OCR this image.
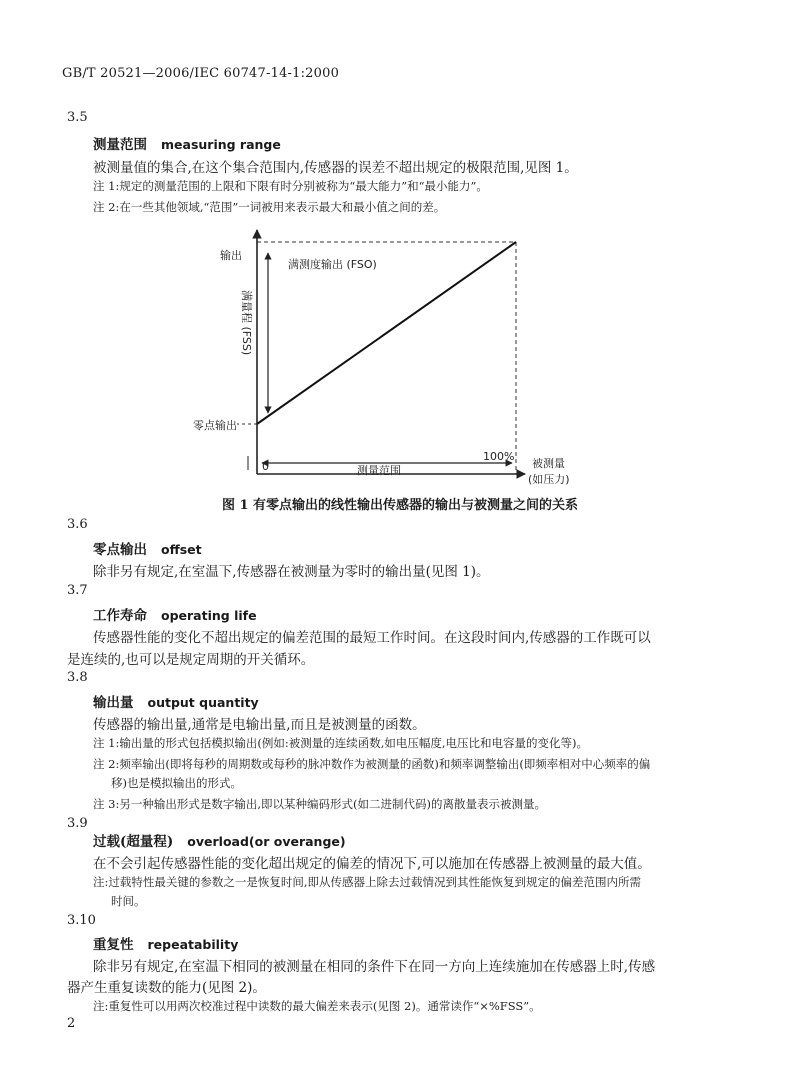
GB/T 20521—2006/IEC 60747-14-1:2000
3.5
测量范围 measuring range
被测量值的集合,在这个集合范围内,传感器的误差不超出规定的极限范围,见图 1。
注 1:规定的测量范围的上限和下限有时分别被称为“最大能力”和“最小能力”。
注 2:在一些其他领域,“范围”一词被用来表示最大和最小值之间的差。
输出
满测度输出 (FSO)
满量程 (FSS)
零点输出
0	测量范围
100%
被测量
(如压力)
图 1 有零点输出的线性输出传感器的输出与被测量之间的关系
3.6
零点输出 offset
除非另有规定,在室温下,传感器在被测量为零时的输出量(见图 1)。
3.7
工作寿命 operating life
传感器性能的变化不超出规定的偏差范围的最短工作时间。在这段时间内,传感器的工作既可以
是连续的,也可以是规定周期的开关循环。
3.8
输出量 output quantity
传感器的输出量,通常是电输出量,而且是被测量的函数。
注 1:输出量的形式包括模拟输出(例如:被测量的连续函数,如电压幅度,电压比和电容量的变化等)。
注 2:频率输出(即将每秒的周期数或每秒的脉冲数作为被测量的函数)和频率调整输出(即频率相对中心频率的偏
移)也是模拟输出的形式。
注 3:另一种输出形式是数字输出,即以某种编码形式(如二进制代码)的离散量表示被测量。
3.9
过载(超量程) overload(or overange)
在不会引起传感器性能的变化超出规定的偏差的情况下,可以施加在传感器上被测量的最大值。
注:过载特性最关键的参数之一是恢复时间,即从传感器上除去过载情况到其性能恢复到规定的偏差范围内所需
时间。
3.10
重复性 repeatability
除非另有规定,在室温下相同的被测量在相同的条件下在同一方向上连续施加在传感器上时,传感
器产生重复读数的能力(见图 2)。
注:重复性可以用两次校准过程中读数的最大偏差来表示(见图 2)。通常读作“×%FSS”。
2
